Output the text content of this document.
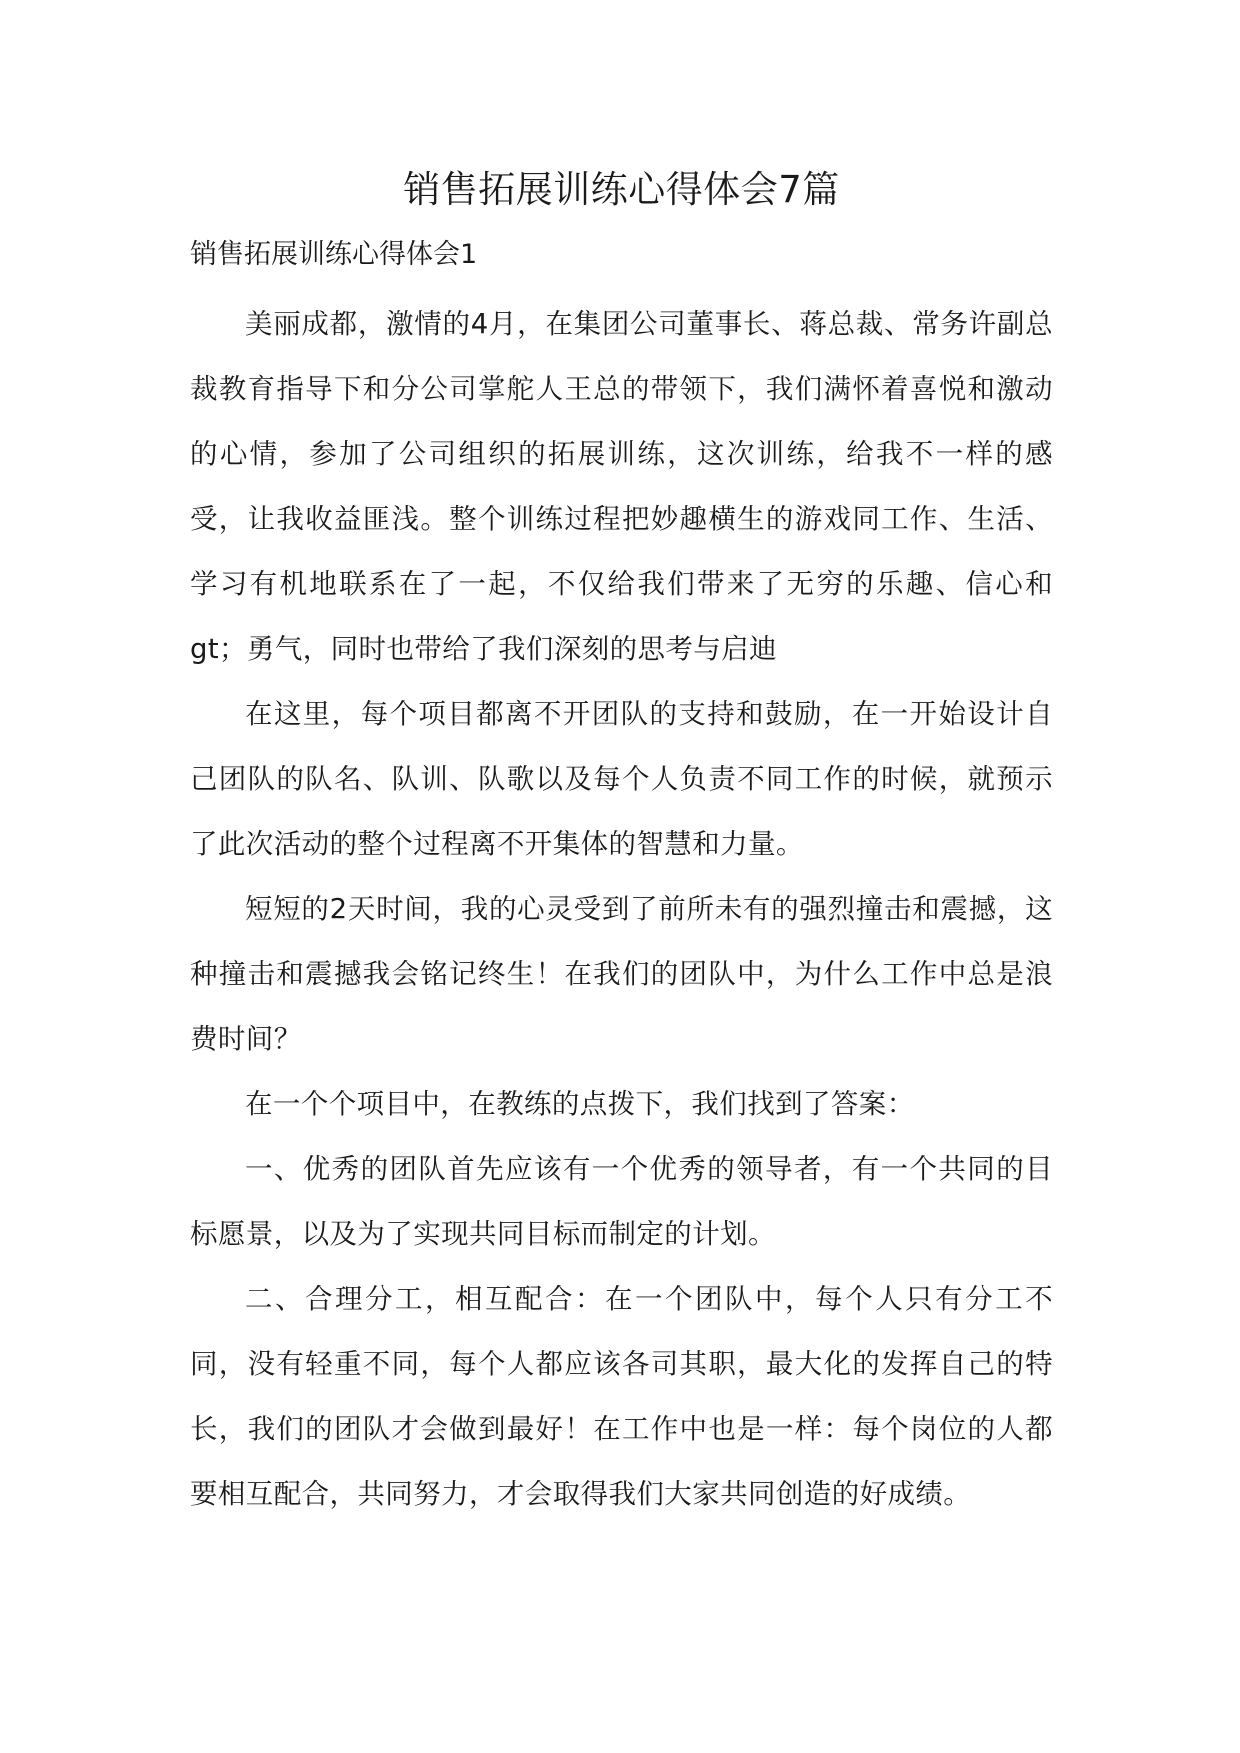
销售拓展训练心得体会7篇
销售拓展训练心得体会1

美丽成都，激情的4月，在集团公司董事长、蒋总裁、常务许副总裁教育指导下和分公司掌舵人王总的带领下，我们满怀着喜悦和激动的心情，参加了公司组织的拓展训练，这次训练，给我不一样的感受，让我收益匪浅。整个训练过程把妙趣横生的游戏同工作、生活、学习有机地联系在了一起，不仅给我们带来了无穷的乐趣、信心和gt；勇气，同时也带给了我们深刻的思考与启迪

在这里，每个项目都离不开团队的支持和鼓励，在一开始设计自己团队的队名、队训、队歌以及每个人负责不同工作的时候，就预示了此次活动的整个过程离不开集体的智慧和力量。

短短的2天时间，我的心灵受到了前所未有的强烈撞击和震撼，这种撞击和震撼我会铭记终生！在我们的团队中，为什么工作中总是浪费时间？

在一个个项目中，在教练的点拨下，我们找到了答案：

一、优秀的团队首先应该有一个优秀的领导者，有一个共同的目标愿景，以及为了实现共同目标而制定的计划。

二、合理分工，相互配合：在一个团队中，每个人只有分工不同，没有轻重不同，每个人都应该各司其职，最大化的发挥自己的特长，我们的团队才会做到最好！在工作中也是一样：每个岗位的人都要相互配合，共同努力，才会取得我们大家共同创造的好成绩。
